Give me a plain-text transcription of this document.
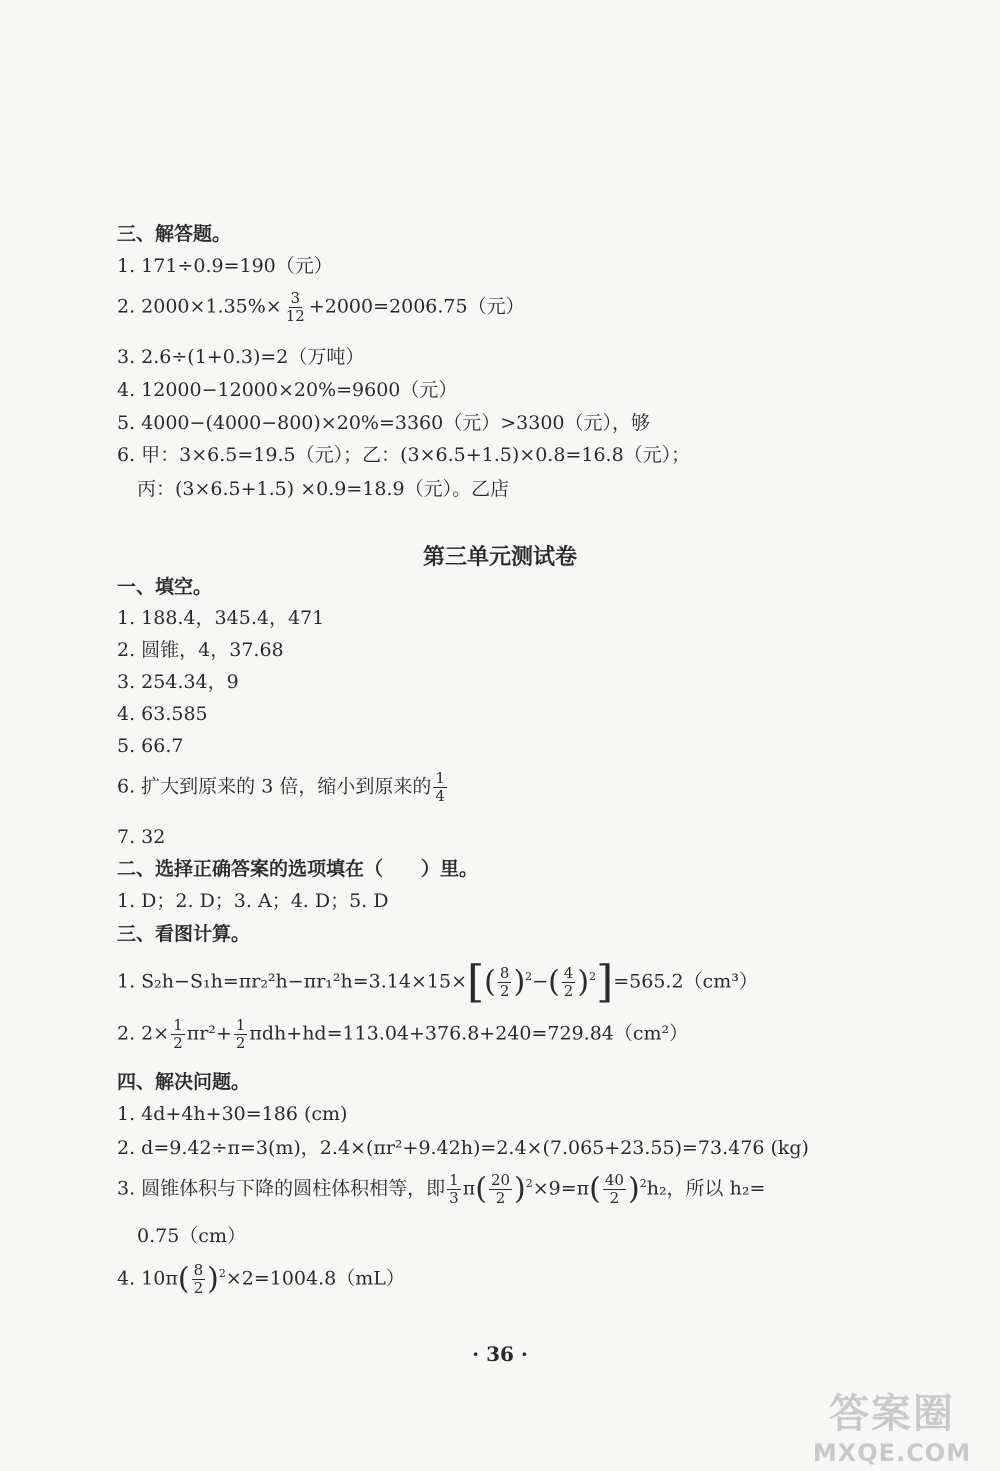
三、解答题。
1. 171÷0.9=190（元）
2. $2000\times 1.35\%\times \frac{3}{12} +2000=2006.75$（元）
3. 2.6÷(1+0.3)=2（万吨）
4. 12000−12000×20%=9600（元）
5. 4000−(4000−800)×20%=3360（元）>3300（元），够
6. 甲：3×6.5=19.5（元）；乙：(3×6.5+1.5)×0.8=16.8（元）；
丙：(3×6.5+1.5) ×0.9=18.9（元）。乙店
第三单元测试卷
一、填空。
1. 188.4，345.4，471
2. 圆锥，4，37.68
3. 254.34，9
4. 63.585
5. 66.7
6. 扩大到原来的 3 倍，缩小到原来的 $\frac{1}{4}$
7. 32
二、选择正确答案的选项填在（　　）里。
1. D；2. D；3. A；4. D；5. D
三、看图计算。
1. $S_2h-S_1h=\pi r_2^2h-\pi r_1^2h=3.14\times 15\times[( \frac{8}{2} )^2-( \frac{4}{2} )^2]=565.2(cm^3)$
2. $2\times \frac{1}{2} \pi r^2+ \frac{1}{2} \pi dh+hd=113.04+376.8+240=729.84(cm^2)$
四、解决问题。
1. 4d+4h+30=186 (cm)
2. d=9.42÷π=3(m)，2.4×(πr²+9.42h)=2.4×(7.065+23.55)=73.476 (kg)
3. 圆锥体积与下降的圆柱体积相等，即 $\frac{1}{3} \pi( \frac{20}{2} )^2\times 9=\pi( \frac{40}{2} )^2h_2$，所以 h₂=
0.75（cm）
4. $10\pi( \frac{8}{2} )^2\times 2=1004.8(mL)$
· 36 ·
答案圈
MXQE.COM
